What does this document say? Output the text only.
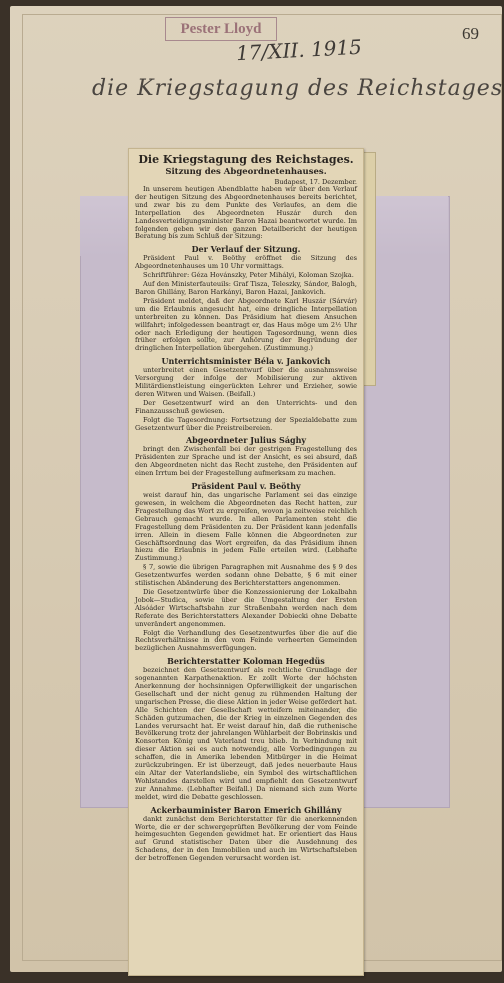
Pester Lloyd	69
17/XII. 1915
die Kriegstagung des Reichstages
Die Kriegstagung des Reichstages.
Sitzung des Abgeordnetenhauses.
Budapest, 17. Dezember.

In unserem heutigen Abendblatte haben wir über den Verlauf der heutigen Sitzung des Abgeordnetenhauses bereits berichtet, und zwar bis zu dem Punkte des Verlaufes, an dem die Interpellation des Abgeordneten Huszár durch den Landesverteidigungsminister Baron Hazai beantwortet wurde. Im folgenden geben wir den ganzen Detailbericht der heutigen Beratung bis zum Schluß der Sitzung:

Der Verlauf der Sitzung.

Präsident Paul v. Beöthy eröffnet die Sitzung des Abgeordnetenhauses um 10 Uhr vormittags.

Schriftführer: Géza Hovánszky, Peter Mihályi, Koloman Szojka.

Auf den Ministerfauteuils: Graf Tisza, Teleszky, Sándor, Balogh, Baron Ghillány, Baron Harkányi, Baron Hazai, Jankovich.

Präsident meldet, daß der Abgeordnete Karl Huszár (Sárvár) um die Erlaubnis angesucht hat, eine dringliche Interpellation unterbreiten zu können. Das Präsidium hat diesem Ansuchen willfahrt; infolgedessen beantragt er, das Haus möge um 2½ Uhr oder nach Erledigung der heutigen Tagesordnung, wenn dies früher erfolgen sollte, zur Anhörung der Begründung der dringlichen Interpellation übergehen. (Zustimmung.)

Unterrichtsminister Béla v. Jankovich

unterbreitet einen Gesetzentwurf über die ausnahmsweise Versorgung der infolge der Mobilisierung zur aktiven Militärdienstleistung eingerückten Lehrer und Erzieher, sowie deren Witwen und Waisen. (Beifall.)

Der Gesetzentwurf wird an den Unterrichts- und den Finanzausschuß gewiesen.

Folgt die Tagesordnung: Fortsetzung der Spezialdebatte zum Gesetzentwurf über die Preistreibereien.

Abgeordneter Julius Sághy

bringt den Zwischenfall bei der gestrigen Fragestellung des Präsidenten zur Sprache und ist der Ansicht, es sei absurd, daß den Abgeordneten nicht das Recht zustehe, den Präsidenten auf einen Irrtum bei der Fragestellung aufmerksam zu machen.

Präsident Paul v. Beöthy

weist darauf hin, das ungarische Parlament sei das einzige gewesen, in welchem die Abgeordneten das Recht hatten, zur Fragestellung das Wort zu ergreifen, wovon ja zeitweise reichlich Gebrauch gemacht wurde. In allen Parlamenten steht die Fragestellung dem Präsidenten zu. Der Präsident kann jedenfalls irren. Allein in diesem Falle können die Abgeordneten zur Geschäftsordnung das Wort ergreifen, da das Präsidium ihnen hiezu die Erlaubnis in jedem Falle erteilen wird. (Lebhafte Zustimmung.)

§ 7, sowie die übrigen Paragraphen mit Ausnahme des § 9 des Gesetzentwurfes werden sodann ohne Debatte, § 6 mit einer stilistischen Abänderung des Berichterstatters angenommen.

Die Gesetzentwürfe über die Konzessionierung der Lokalbahn Jobok—Studica, sowie über die Umgestaltung der Ersten Alsóáder Wirtschaftsbahn zur Straßenbahn werden nach dem Referate des Berichterstatters Alexander Dobiecki ohne Debatte unverändert angenommen.

Folgt die Verhandlung des Gesetzentwurfes über die auf die Rechtsverhältnisse in den vom Feinde verheerten Gemeinden bezüglichen Ausnahmsverfügungen.

Berichterstatter Koloman Hegedüs

bezeichnet den Gesetzentwurf als rechtliche Grundlage der sogenannten Karpathenaktion. Er zollt Worte der höchsten Anerkennung der hochsinnigen Opferwilligkeit der ungarischen Gesellschaft und der nicht genug zu rühmenden Haltung der ungarischen Presse, die diese Aktion in jeder Weise gefördert hat. Alle Schichten der Gesellschaft wetteifern miteinander, die Schäden gutzumachen, die der Krieg in einzelnen Gegenden des Landes verursacht hat. Er weist darauf hin, daß die ruthenische Bevölkerung trotz der jahrelangen Wühlarbeit der Bobrinskis und Konsorten König und Vaterland treu blieb. In Verbindung mit dieser Aktion sei es auch notwendig, alle Vorbedingungen zu schaffen, die in Amerika lebenden Mitbürger in die Heimat zurückzubringen. Er ist überzeugt, daß jedes neuerbaute Haus ein Altar der Vaterlandsliebe, ein Symbol des wirtschaftlichen Wohlstandes darstellen wird und empfiehlt den Gesetzentwurf zur Annahme. (Lebhafter Beifall.) Da niemand sich zum Worte meldet, wird die Debatte geschlossen.

Ackerbauminister Baron Emerich Ghillány

dankt zunächst dem Berichterstatter für die anerkennenden Worte, die er der schwergeprüften Bevölkerung der vom Feinde heimgesuchten Gegenden gewidmet hat. Er orientiert das Haus auf Grund statistischer Daten über die Ausdehnung des Schadens, der in den Immobilien und auch im Wirtschaftsleben der betroffenen Gegenden verursacht worden ist.
